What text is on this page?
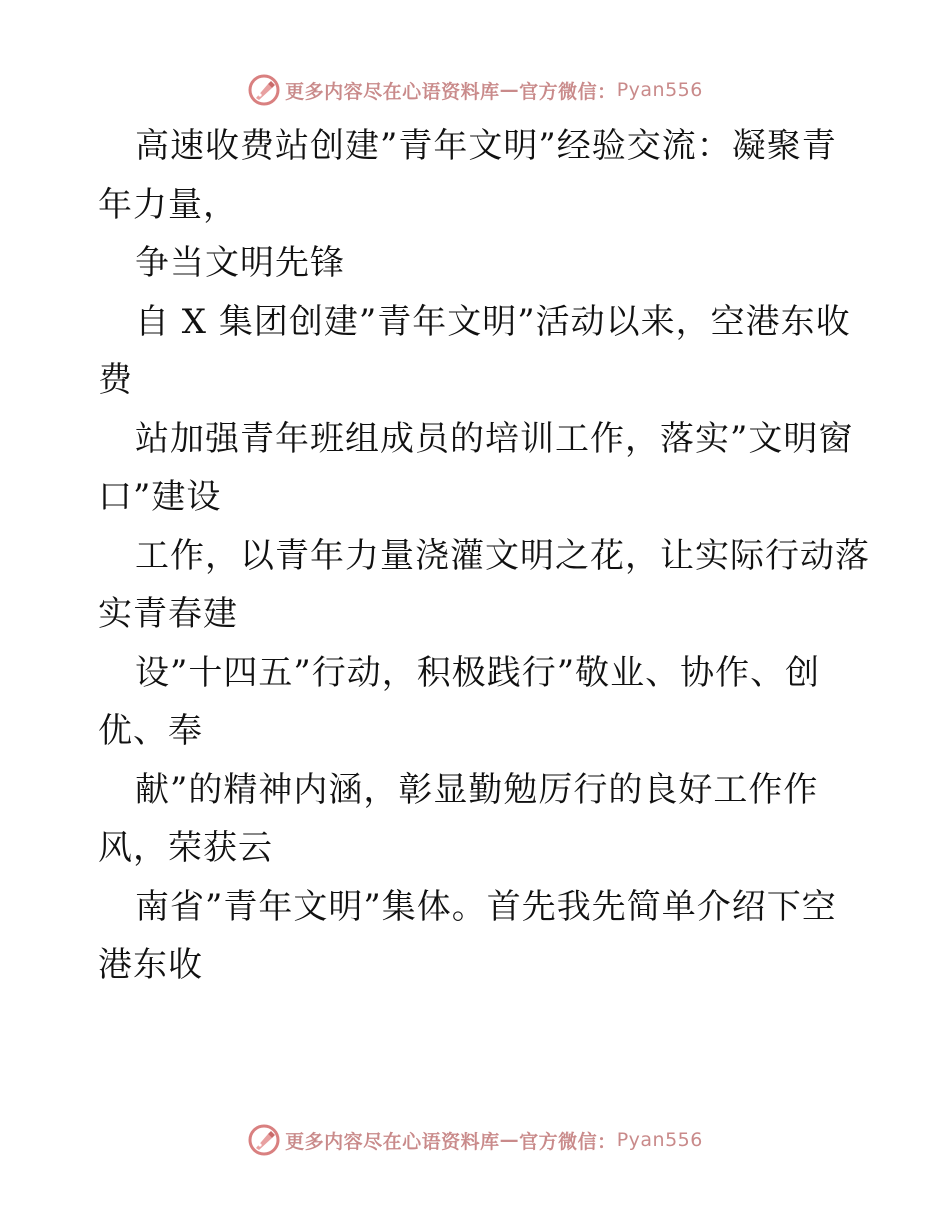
更多内容尽在心语资料库 — 官方微信： Pyan556
高速收费站创建”青年文明”经验交流：凝聚青
年力量，
争当文明先锋
自 X 集团创建”青年文明”活动以来，空港东收
费
站加强青年班组成员的培训工作，落实”文明窗
口”建设
工作，以青年力量浇灌文明之花，让实际行动落
实青春建
设”十四五”行动，积极践行”敬业、协作、创
优、奉
献”的精神内涵，彰显勤勉厉行的良好工作作
风，荣获云
南省”青年文明”集体。首先我先简单介绍下空
港东收
更多内容尽在心语资料库 — 官方微信： Pyan556
